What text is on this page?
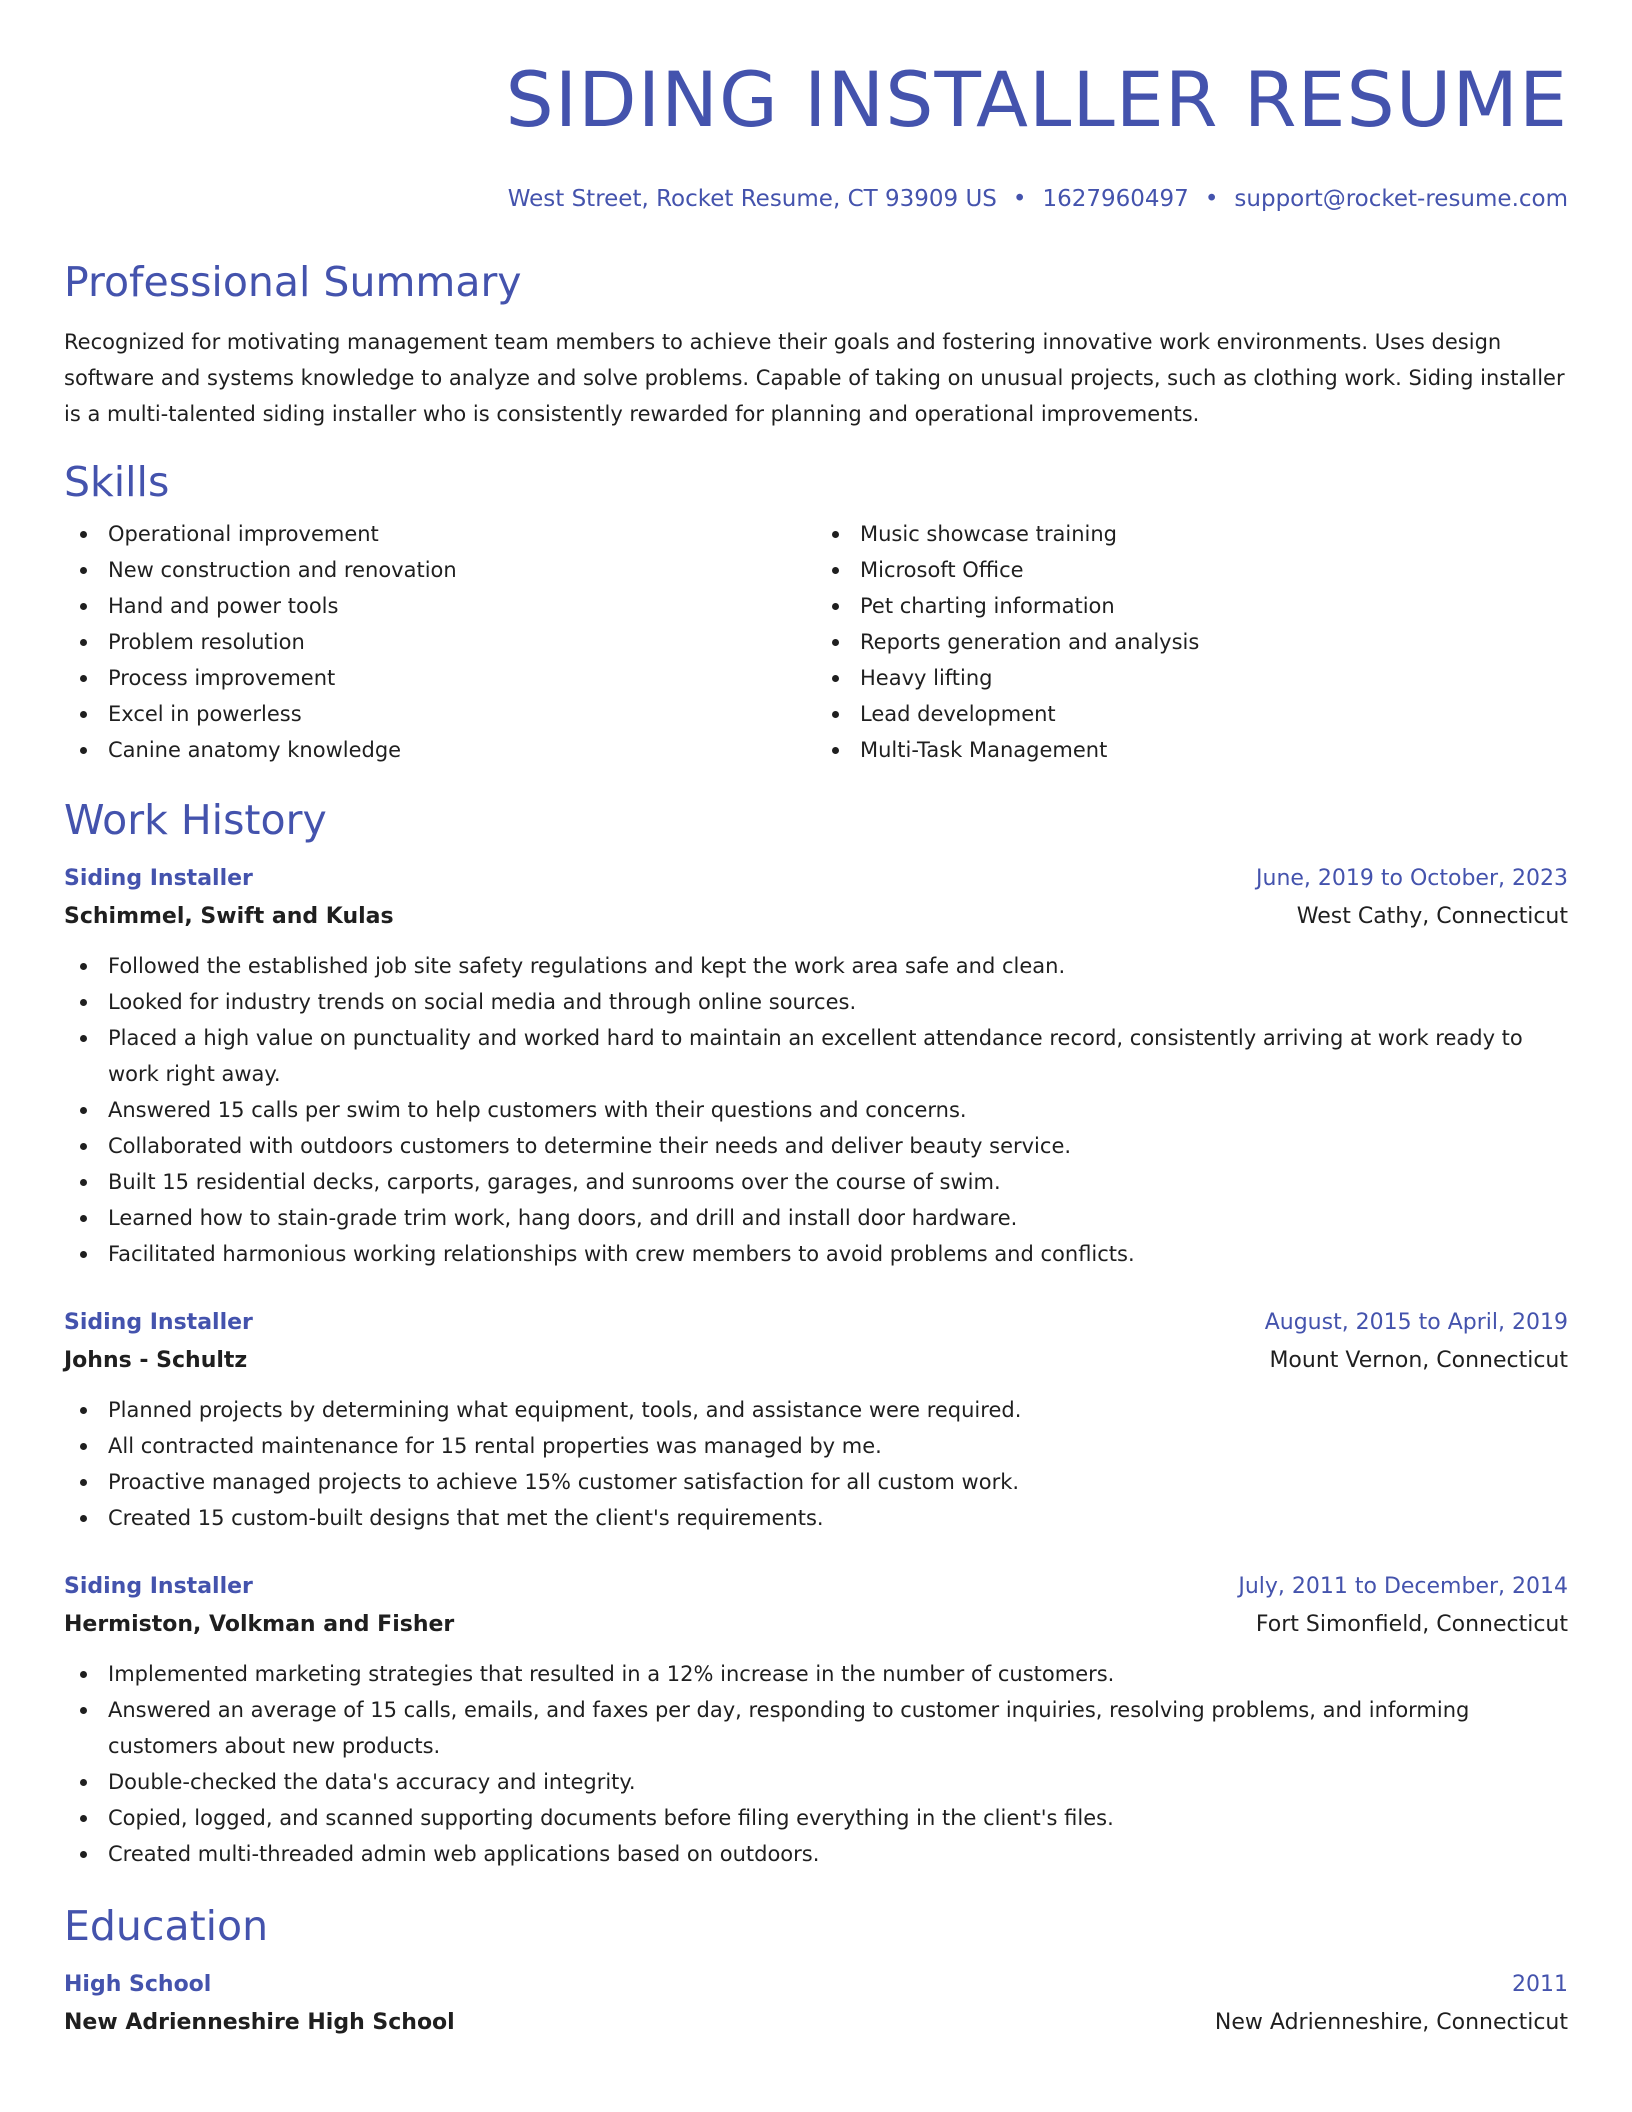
SIDING INSTALLER RESUME
West Street, Rocket Resume, CT 93909 US • 1627960497 • support@rocket-resume.com
Professional Summary
Recognized for motivating management team members to achieve their goals and fostering innovative work environments. Uses design software and systems knowledge to analyze and solve problems. Capable of taking on unusual projects, such as clothing work. Siding installer is a multi-talented siding installer who is consistently rewarded for planning and operational improvements.
Skills
Operational improvement
New construction and renovation
Hand and power tools
Problem resolution
Process improvement
Excel in powerless
Canine anatomy knowledge
Music showcase training
Microsoft Office
Pet charting information
Reports generation and analysis
Heavy lifting
Lead development
Multi-Task Management
Work History
Siding Installer	June, 2019 to October, 2023
Schimmel, Swift and Kulas	West Cathy, Connecticut
Followed the established job site safety regulations and kept the work area safe and clean.
Looked for industry trends on social media and through online sources.
Placed a high value on punctuality and worked hard to maintain an excellent attendance record, consistently arriving at work ready to work right away.
Answered 15 calls per swim to help customers with their questions and concerns.
Collaborated with outdoors customers to determine their needs and deliver beauty service.
Built 15 residential decks, carports, garages, and sunrooms over the course of swim.
Learned how to stain-grade trim work, hang doors, and drill and install door hardware.
Facilitated harmonious working relationships with crew members to avoid problems and conflicts.
Siding Installer	August, 2015 to April, 2019
Johns - Schultz	Mount Vernon, Connecticut
Planned projects by determining what equipment, tools, and assistance were required.
All contracted maintenance for 15 rental properties was managed by me.
Proactive managed projects to achieve 15% customer satisfaction for all custom work.
Created 15 custom-built designs that met the client's requirements.
Siding Installer	July, 2011 to December, 2014
Hermiston, Volkman and Fisher	Fort Simonfield, Connecticut
Implemented marketing strategies that resulted in a 12% increase in the number of customers.
Answered an average of 15 calls, emails, and faxes per day, responding to customer inquiries, resolving problems, and informing customers about new products.
Double-checked the data's accuracy and integrity.
Copied, logged, and scanned supporting documents before filing everything in the client's files.
Created multi-threaded admin web applications based on outdoors.
Education
High School	2011
New Adrienneshire High School	New Adrienneshire, Connecticut
